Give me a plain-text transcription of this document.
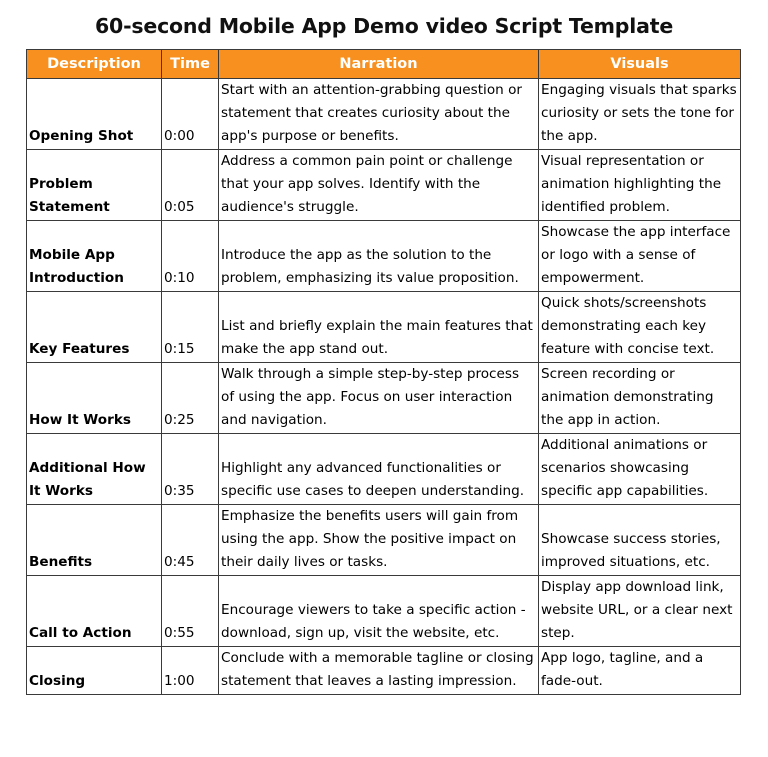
60-second Mobile App Demo video Script Template
Description	Time	Narration	Visuals
Opening Shot	0:00	Start with an attention-grabbing question or statement that creates curiosity about the app's purpose or benefits.	Engaging visuals that sparks curiosity or sets the tone for the app.
Problem Statement	0:05	Address a common pain point or challenge that your app solves. Identify with the audience's struggle.	Visual representation or animation highlighting the identified problem.
Mobile App Introduction	0:10	Introduce the app as the solution to the problem, emphasizing its value proposition.	Showcase the app interface or logo with a sense of empowerment.
Key Features	0:15	List and briefly explain the main features that make the app stand out.	Quick shots/screenshots demonstrating each key feature with concise text.
How It Works	0:25	Walk through a simple step-by-step process of using the app. Focus on user interaction and navigation.	Screen recording or animation demonstrating the app in action.
Additional How It Works	0:35	Highlight any advanced functionalities or specific use cases to deepen understanding.	Additional animations or scenarios showcasing specific app capabilities.
Benefits	0:45	Emphasize the benefits users will gain from using the app. Show the positive impact on their daily lives or tasks.	Showcase success stories, improved situations, etc.
Call to Action	0:55	Encourage viewers to take a specific action - download, sign up, visit the website, etc.	Display app download link, website URL, or a clear next step.
Closing	1:00	Conclude with a memorable tagline or closing statement that leaves a lasting impression.	App logo, tagline, and a fade-out.
